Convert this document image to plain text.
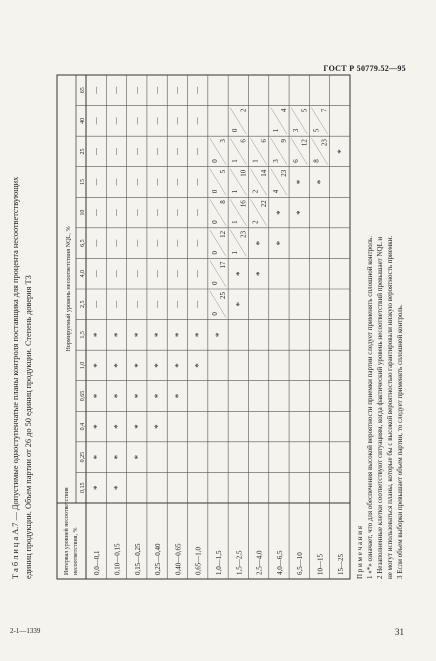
ГОСТ Р 50779.52—95
Т а б л и ц а А.7 — Допустимые одноступенчатые планы контроля поставщика для процента несоответствующих единиц продукции. Объем партии от 26 до 50 единиц продукции. Степень доверия Т3	Интервал уровней несоответствия несоответствия, %
Нормируемый уровень несоответствия NQL, %
0,15
0,25
0,4
0,65
1,0
1,5
2,5
4,0
6,5
10
15
25
40
65
0,0—0,1
*
*
*
*
*
*
—
—
—
—
—
—
—
—
0,10—0,15
*
*
*
*
*
*
—
—
—
—
—
—
—
—
0,15—0,25
*
*
*
*
*
—
—
—
—
—
—
—
—
0,25—0,40
*
*
*
*
—
—
—
—
—
—
—
—
0,40—0,65
*
*
*
—
—
—
—
—
—
—
—
0,65—1,0
*
*
—
—
—
—
—
—
—
—
1,0—1,5
*
0
25
0
17
0
12
0
8
0
5
0
3
1,5—2,5
*
*
1
23
1
16
1
10
1
6
0
2
2,5—4,0
*
*
2
22
2
14
1
6
4,0—6,5
*
*
4
23
3
9
1
4
6,5—10
*
*
6
12
3
5
10—15
*
8
23
5
7
15—25
*
П р и м е ч а н и я 1 «*» означает, что для обеспечения высокой вероятности приемки партии следует применять сплошной контроль. 2 Незаполненные клетки соответствуют ситуациям, когда фактический уровень несоответствий превышает NQL и не могут использоваться планы, которые бы с высокой вероятностью гарантировали низкую вероятность приемки. 3 Если объем выборки превышает объем партии, то следует применять сплошной контроль.
2-1—1339	31
